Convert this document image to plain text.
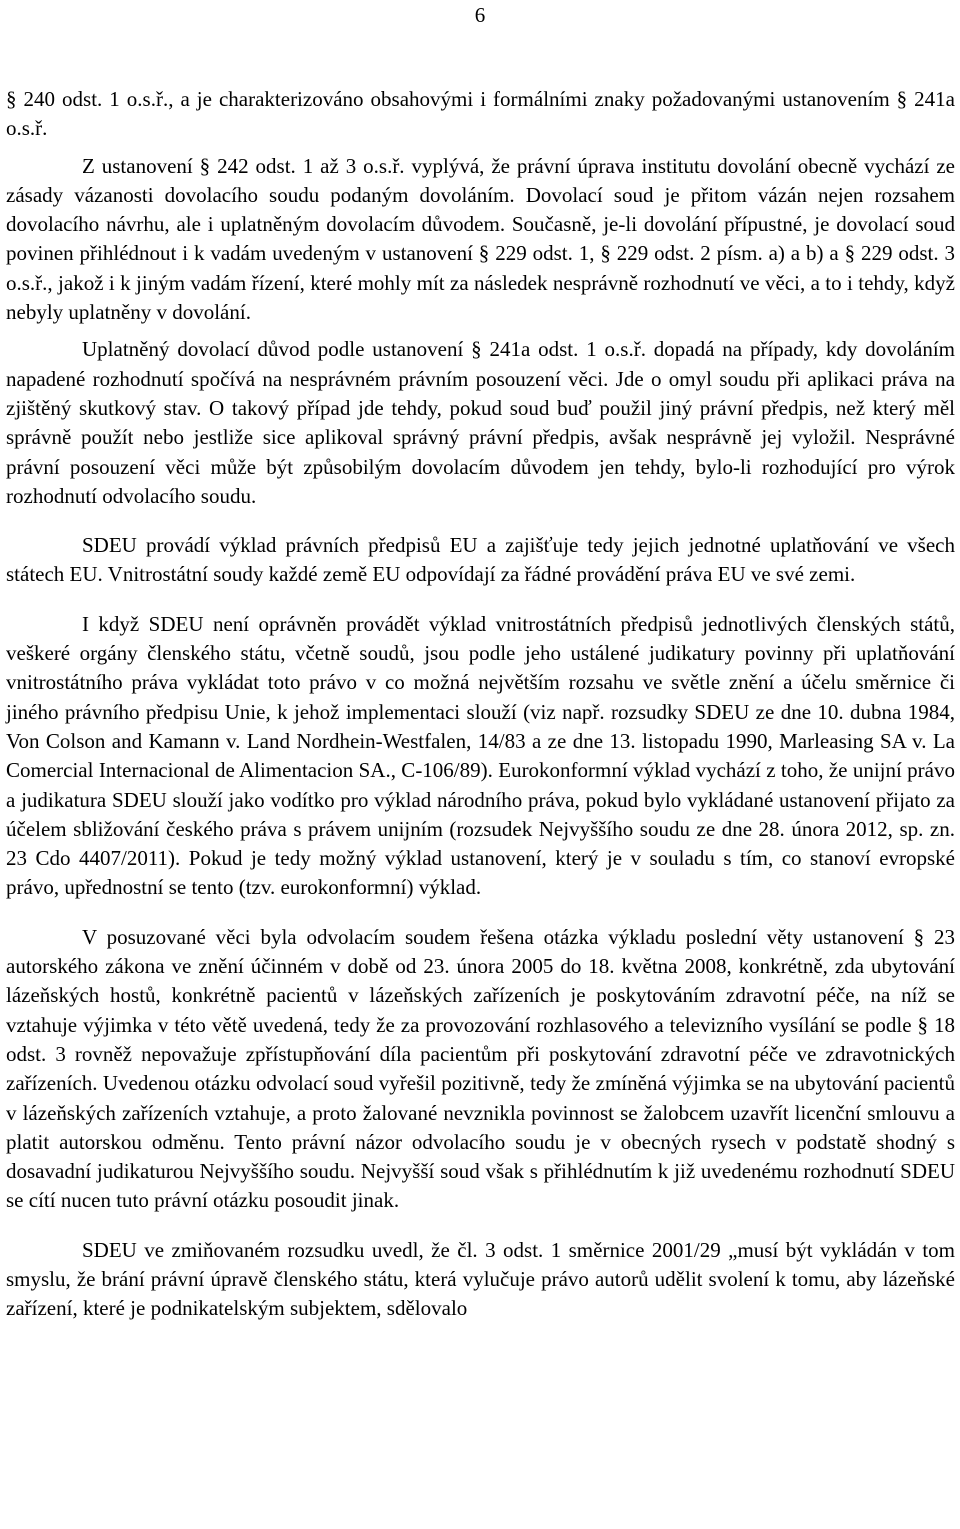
6

§ 240 odst. 1 o.s.ř., a je charakterizováno obsahovými i formálními znaky požadovanými ustanovením § 241a o.s.ř.

Z ustanovení § 242 odst. 1 až 3 o.s.ř. vyplývá, že právní úprava institutu dovolání obecně vychází ze zásady vázanosti dovolacího soudu podaným dovoláním. Dovolací soud je přitom vázán nejen rozsahem dovolacího návrhu, ale i uplatněným dovolacím důvodem. Současně, je-li dovolání přípustné, je dovolací soud povinen přihlédnout i k vadám uvedeným v ustanovení § 229 odst. 1, § 229 odst. 2 písm. a) a b) a § 229 odst. 3 o.s.ř., jakož i k jiným vadám řízení, které mohly mít za následek nesprávně rozhodnutí ve věci, a to i tehdy, když nebyly uplatněny v dovolání.

Uplatněný dovolací důvod podle ustanovení § 241a odst. 1 o.s.ř. dopadá na případy, kdy dovoláním napadené rozhodnutí spočívá na nesprávném právním posouzení věci. Jde o omyl soudu při aplikaci práva na zjištěný skutkový stav. O takový případ jde tehdy, pokud soud buď použil jiný právní předpis, než který měl správně použít nebo jestliže sice aplikoval správný právní předpis, avšak nesprávně jej vyložil. Nesprávné právní posouzení věci může být způsobilým dovolacím důvodem jen tehdy, bylo-li rozhodující pro výrok rozhodnutí odvolacího soudu.

SDEU provádí výklad právních předpisů EU a zajišťuje tedy jejich jednotné uplatňování ve všech státech EU. Vnitrostátní soudy každé země EU odpovídají za řádné provádění práva EU ve své zemi.

I když SDEU není oprávněn provádět výklad vnitrostátních předpisů jednotlivých členských států, veškeré orgány členského státu, včetně soudů, jsou podle jeho ustálené judikatury povinny při uplatňování vnitrostátního práva vykládat toto právo v co možná největším rozsahu ve světle znění a účelu směrnice či jiného právního předpisu Unie, k jehož implementaci slouží (viz např. rozsudky SDEU ze dne 10. dubna 1984, Von Colson and Kamann v. Land Nordhein-Westfalen, 14/83 a ze dne 13. listopadu 1990, Marleasing SA v. La Comercial Internacional de Alimentacion SA., C-106/89). Eurokonformní výklad vychází z toho, že unijní právo a judikatura SDEU slouží jako vodítko pro výklad národního práva, pokud bylo vykládané ustanovení přijato za účelem sbližování českého práva s právem unijním (rozsudek Nejvyššího soudu ze dne 28. února 2012, sp. zn. 23 Cdo 4407/2011). Pokud je tedy možný výklad ustanovení, který je v souladu s tím, co stanoví evropské právo, upřednostní se tento (tzv. eurokonformní) výklad.

V posuzované věci byla odvolacím soudem řešena otázka výkladu poslední věty ustanovení § 23 autorského zákona ve znění účinném v době od 23. února 2005 do 18. května 2008, konkrétně, zda ubytování lázeňských hostů, konkrétně pacientů v lázeňských zařízeních je poskytováním zdravotní péče, na níž se vztahuje výjimka v této větě uvedená, tedy že za provozování rozhlasového a televizního vysílání se podle § 18 odst. 3 rovněž nepovažuje zpřístupňování díla pacientům při poskytování zdravotní péče ve zdravotnických zařízeních. Uvedenou otázku odvolací soud vyřešil pozitivně, tedy že zmíněná výjimka se na ubytování pacientů v lázeňských zařízeních vztahuje, a proto žalované nevznikla povinnost se žalobcem uzavřít licenční smlouvu a platit autorskou odměnu. Tento právní názor odvolacího soudu je v obecných rysech v podstatě shodný s dosavadní judikaturou Nejvyššího soudu. Nejvyšší soud však s přihlédnutím k již uvedenému rozhodnutí SDEU se cítí nucen tuto právní otázku posoudit jinak.

SDEU ve zmiňovaném rozsudku uvedl, že čl. 3 odst. 1 směrnice 2001/29 „musí být vykládán v tom smyslu, že brání právní úpravě členského státu, která vylučuje právo autorů udělit svolení k tomu, aby lázeňské zařízení, které je podnikatelským subjektem, sdělovalo
